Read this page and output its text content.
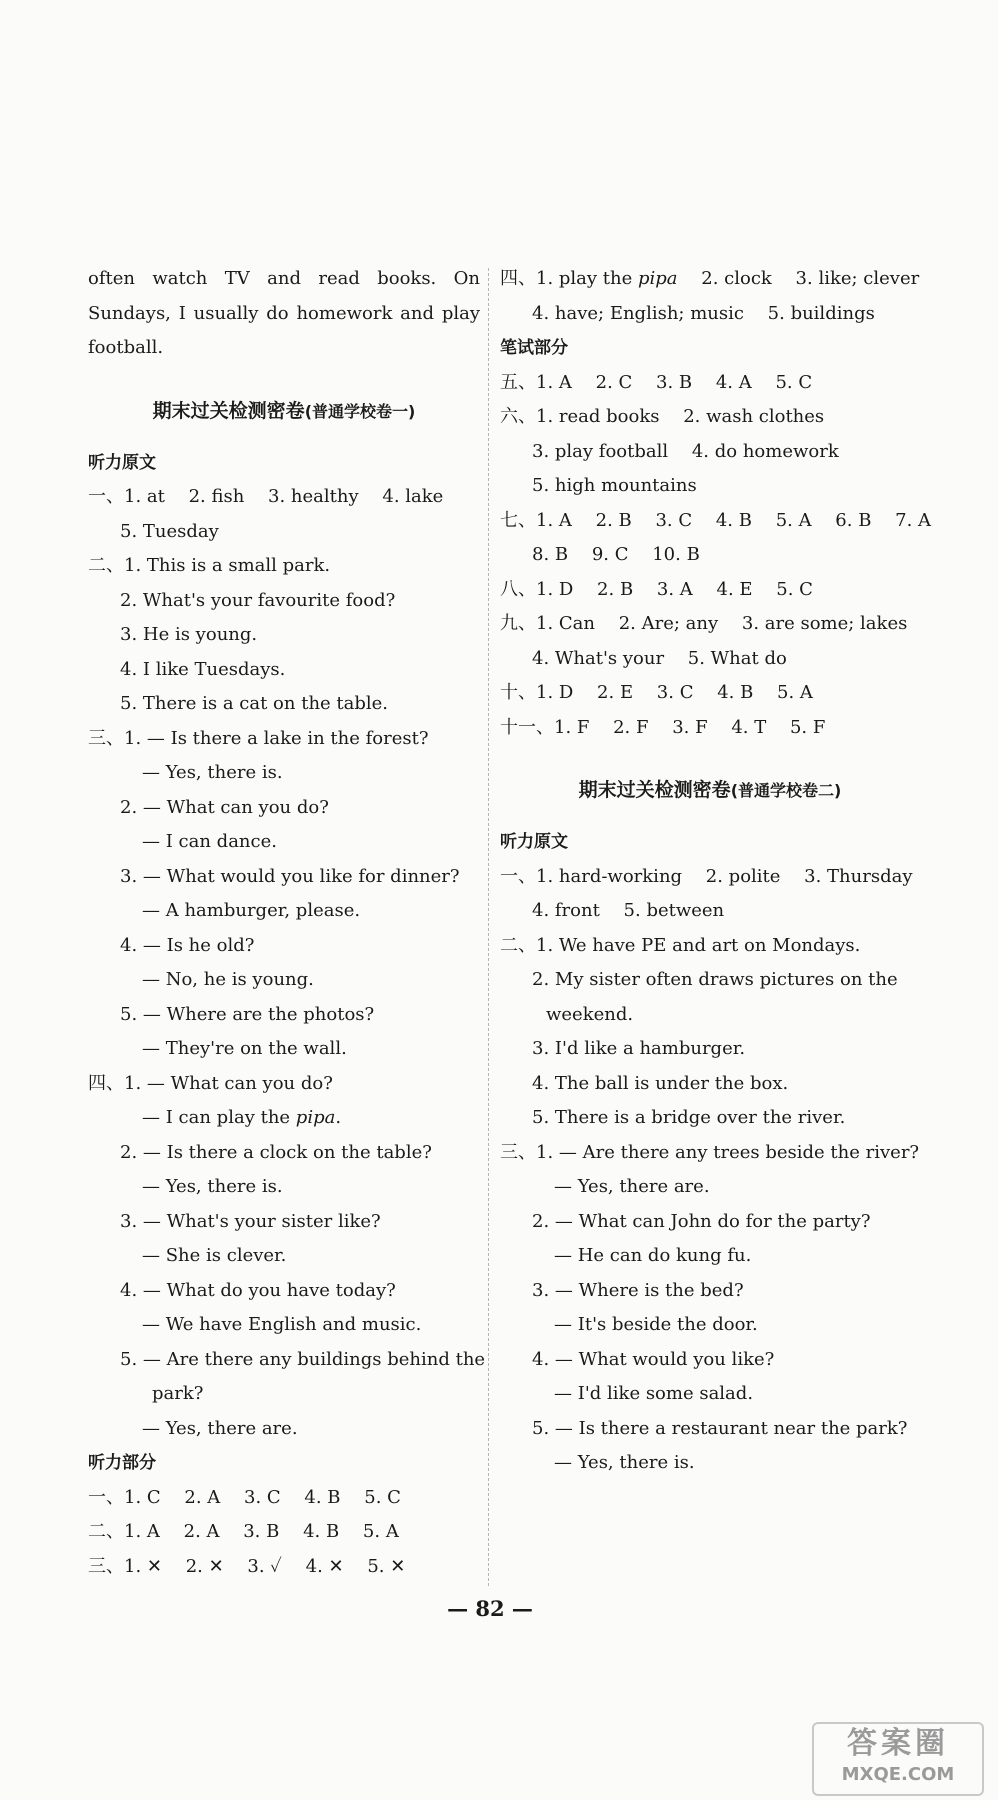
often watch TV and read books. On Sundays, I usually do homework and play football.

期末过关检测密卷(普通学校卷一)
听力原文
一、1. at　 2. fish　 3. healthy　 4. lake
5. Tuesday
二、1. This is a small park.
2. What's your favourite food?
3. He is young.
4. I like Tuesdays.
5. There is a cat on the table.
三、1. — Is there a lake in the forest?
— Yes, there is.
2. — What can you do?
— I can dance.
3. — What would you like for dinner?
— A hamburger, please.
4. — Is he old?
— No, he is young.
5. — Where are the photos?
— They're on the wall.
四、1. — What can you do?
— I can play the pipa.
2. — Is there a clock on the table?
— Yes, there is.
3. — What's your sister like?
— She is clever.
4. — What do you have today?
— We have English and music.
5. — Are there any buildings behind the
park?
— Yes, there are.
听力部分
一、1. C　 2. A　 3. C　 4. B　 5. C
二、1. A　 2. A　 3. B　 4. B　 5. A
三、1. ✕　 2. ✕　 3. ✓　 4. ✕　 5. ✕
四、1. play the pipa　 2. clock　 3. like; clever
4. have; English; music　 5. buildings
笔试部分
五、1. A　 2. C　 3. B　 4. A　 5. C
六、1. read books　 2. wash clothes
3. play football　 4. do homework
5. high mountains
七、1. A　 2. B　 3. C　 4. B　 5. A　 6. B　 7. A
8. B　 9. C　 10. B
八、1. D　 2. B　 3. A　 4. E　 5. C
九、1. Can　 2. Are; any　 3. are some; lakes
4. What's your　 5. What do
十、1. D　 2. E　 3. C　 4. B　 5. A
十一、1. F　 2. F　 3. F　 4. T　 5. F
期末过关检测密卷(普通学校卷二)
听力原文
一、1. hard-working　 2. polite　 3. Thursday
4. front　 5. between
二、1. We have PE and art on Mondays.
2. My sister often draws pictures on the
weekend.
3. I'd like a hamburger.
4. The ball is under the box.
5. There is a bridge over the river.
三、1. — Are there any trees beside the river?
— Yes, there are.
2. — What can John do for the party?
— He can do kung fu.
3. — Where is the bed?
— It's beside the door.
4. — What would you like?
— I'd like some salad.
5. — Is there a restaurant near the park?
— Yes, there is.
— 82 —
答案圈
MXQE.COM
